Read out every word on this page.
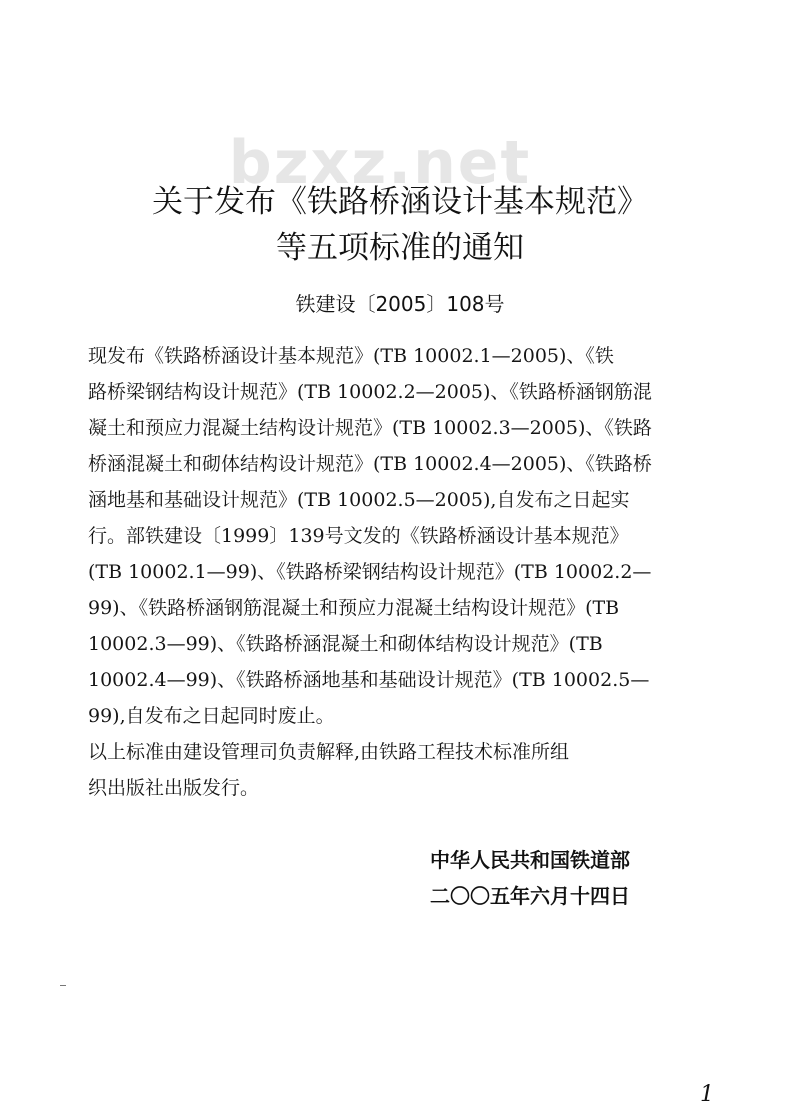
bzxz.net
关于发布《铁路桥涵设计基本规范》
等五项标准的通知
铁建设〔2005〕108号
现发布《铁路桥涵设计基本规范》(TB 10002.1—2005)、《铁
路桥梁钢结构设计规范》(TB 10002.2—2005)、《铁路桥涵钢筋混
凝土和预应力混凝土结构设计规范》(TB 10002.3—2005)、《铁路
桥涵混凝土和砌体结构设计规范》(TB 10002.4—2005)、《铁路桥
涵地基和基础设计规范》(TB 10002.5—2005),自发布之日起实
行。部铁建设〔1999〕139号文发的《铁路桥涵设计基本规范》
(TB 10002.1—99)、《铁路桥梁钢结构设计规范》(TB 10002.2—
99)、《铁路桥涵钢筋混凝土和预应力混凝土结构设计规范》(TB
10002.3—99)、《铁路桥涵混凝土和砌体结构设计规范》(TB
10002.4—99)、《铁路桥涵地基和基础设计规范》(TB 10002.5—
99),自发布之日起同时废止。
以上标准由建设管理司负责解释,由铁路工程技术标准所组
织出版社出版发行。
中华人民共和国铁道部
二〇〇五年六月十四日
1
